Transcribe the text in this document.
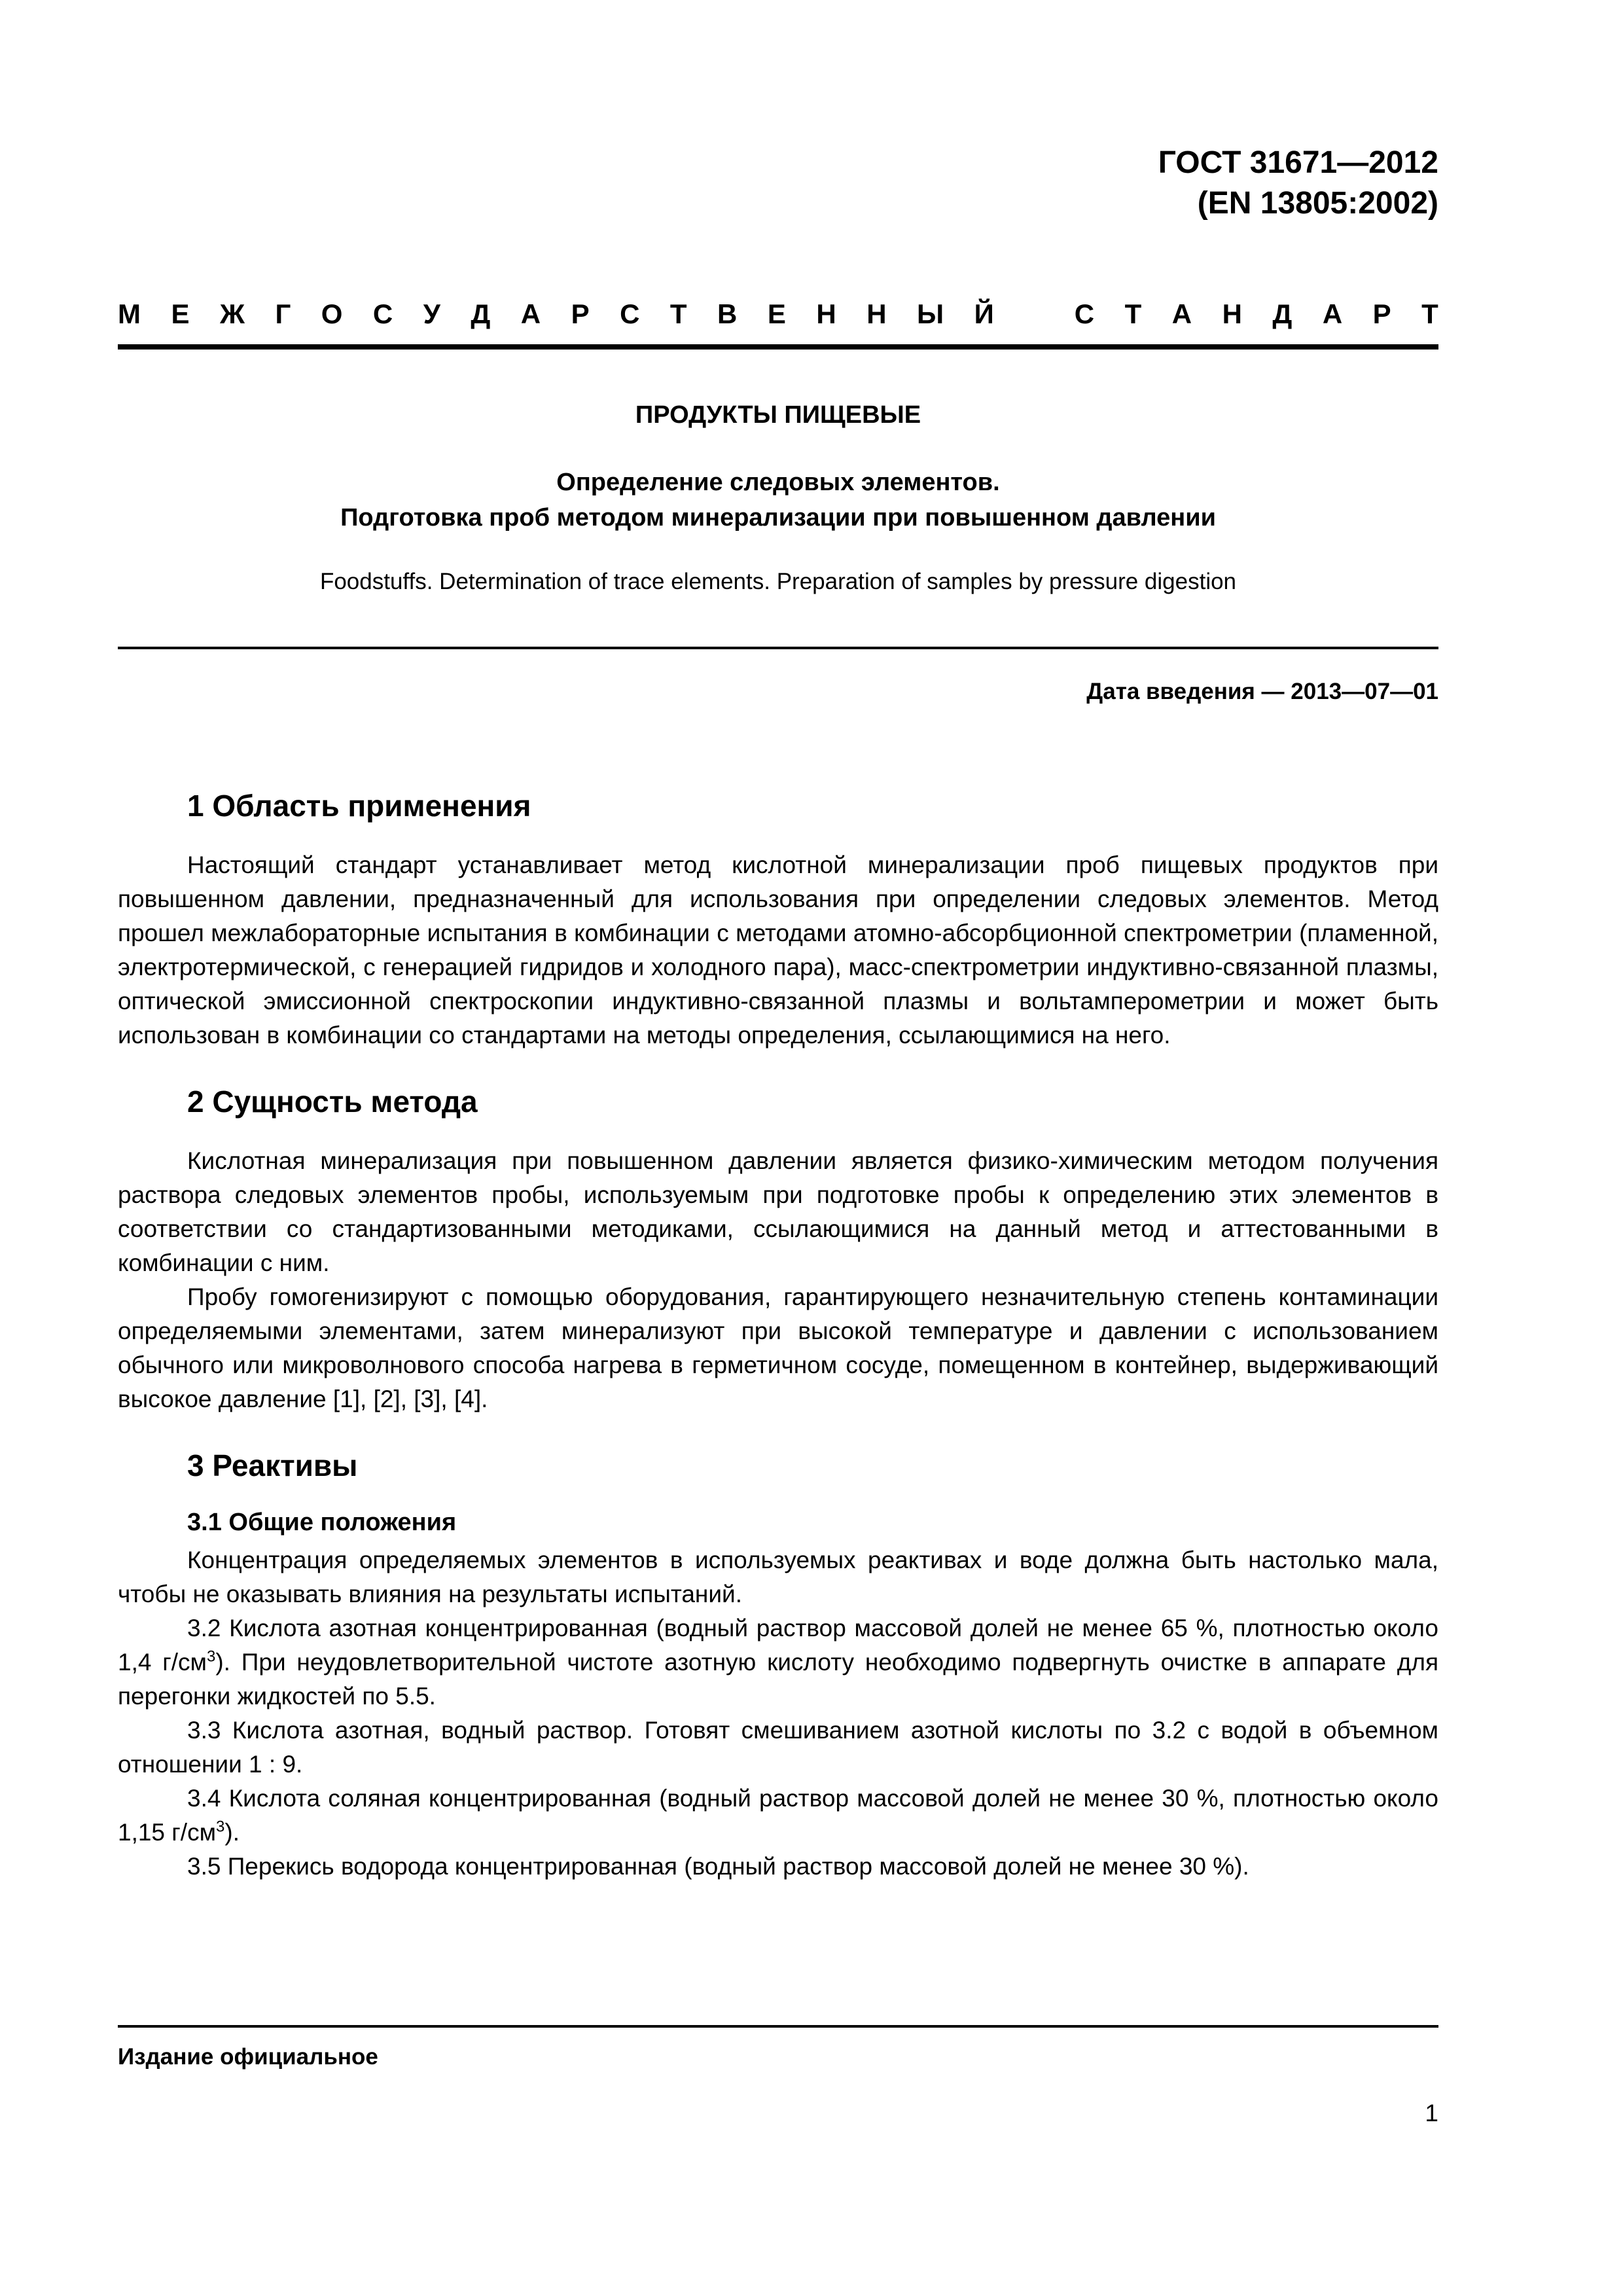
ГОСТ 31671—2012
(EN 13805:2002)
М Е Ж Г О С У Д А Р С Т В Е Н Н Ы Й	С Т А Н Д А Р Т
ПРОДУКТЫ ПИЩЕВЫЕ
Определение следовых элементов.
Подготовка проб методом минерализации при повышенном давлении
Foodstuffs. Determination of trace elements. Preparation of samples by pressure digestion
Дата введения — 2013—07—01
1 Область применения

Настоящий стандарт устанавливает метод кислотной минерализации проб пищевых продуктов при повышенном давлении, предназначенный для использования при определении следовых элементов. Метод прошел межлабораторные испытания в комбинации с методами атомно-абсорбционной спектрометрии (пламенной, электротермической, с генерацией гидридов и холодного пара), масс-спектрометрии индуктивно-связанной плазмы, оптической эмиссионной спектроскопии индуктивно-связанной плазмы и вольтамперометрии и может быть использован в комбинации со стандартами на методы определения, ссылающимися на него.

2 Сущность метода

Кислотная минерализация при повышенном давлении является физико-химическим методом получения раствора следовых элементов пробы, используемым при подготовке пробы к определению этих элементов в соответствии со стандартизованными методиками, ссылающимися на данный метод и аттестованными в комбинации с ним.

Пробу гомогенизируют с помощью оборудования, гарантирующего незначительную степень контаминации определяемыми элементами, затем минерализуют при высокой температуре и давлении с использованием обычного или микроволнового способа нагрева в герметичном сосуде, помещенном в контейнер, выдерживающий высокое давление [1], [2], [3], [4].

3 Реактивы
3.1 Общие положения

Концентрация определяемых элементов в используемых реактивах и воде должна быть настолько мала, чтобы не оказывать влияния на результаты испытаний.

3.2 Кислота азотная концентрированная (водный раствор массовой долей не менее 65 %, плотностью около 1,4 $г/см^3$). При неудовлетворительной чистоте азотную кислоту необходимо подвергнуть очистке в аппарате для перегонки жидкостей по 5.5.

3.3 Кислота азотная, водный раствор. Готовят смешиванием азотной кислоты по 3.2 с водой в объемном отношении 1 : 9.

3.4 Кислота соляная концентрированная (водный раствор массовой долей не менее 30 %, плотностью около 1,15 $г/см^3$).

3.5 Перекись водорода концентрированная (водный раствор массовой долей не менее 30 %).

Издание официальное
1
